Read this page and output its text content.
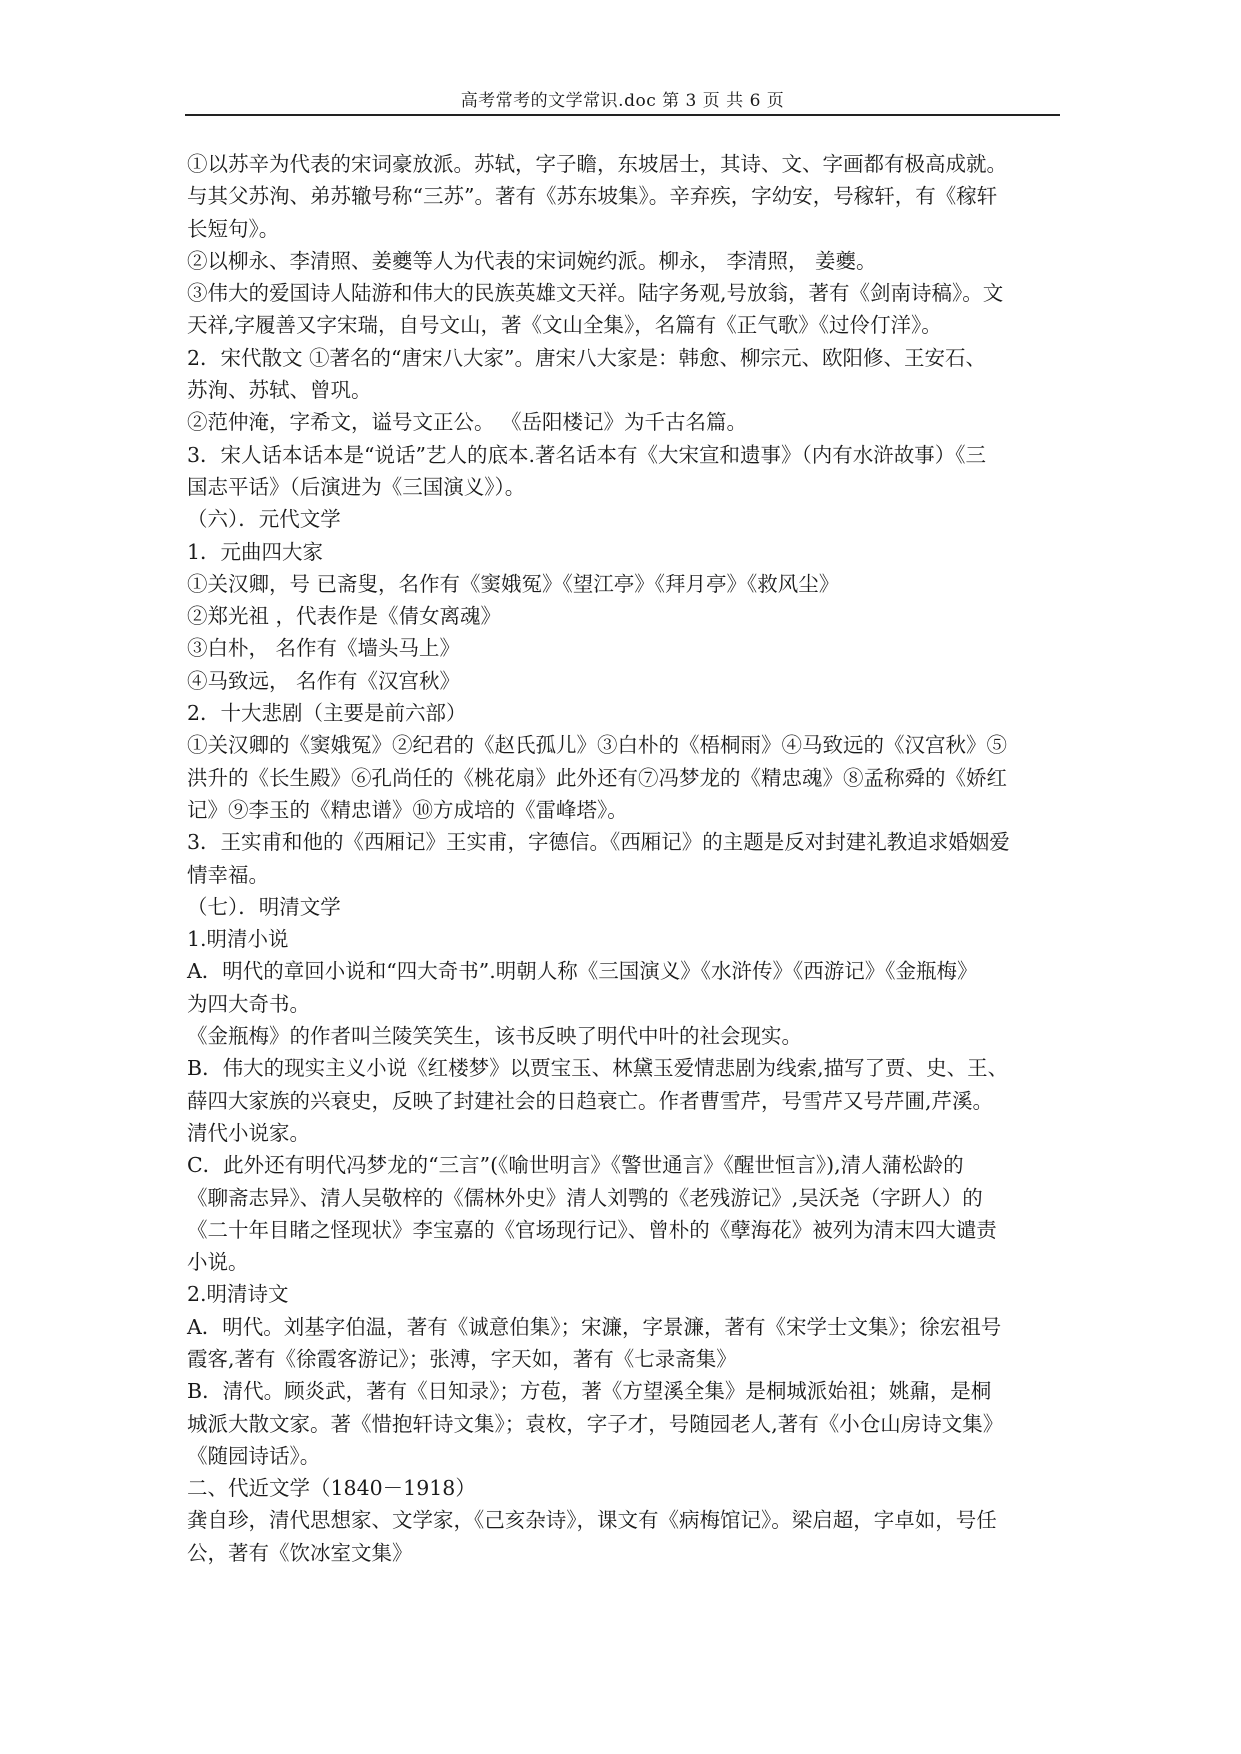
高考常考的文学常识.doc 第 3 页 共 6 页
①以苏辛为代表的宋词豪放派。苏轼，字子瞻，东坡居士，其诗、文、字画都有极高成就。
与其父苏洵、弟苏辙号称“三苏”。著有《苏东坡集》。辛弃疾，字幼安，号稼轩，有《稼轩
长短句》。
②以柳永、李清照、姜夔等人为代表的宋词婉约派。柳永， 李清照， 姜夔。
③伟大的爱国诗人陆游和伟大的民族英雄文天祥。陆字务观,号放翁，著有《剑南诗稿》。文
天祥,字履善又字宋瑞，自号文山，著《文山全集》，名篇有《正气歌》《过伶仃洋》。
2．宋代散文 ①著名的“唐宋八大家”。唐宋八大家是：韩愈、柳宗元、欧阳修、王安石、
苏洵、苏轼、曾巩。
②范仲淹，字希文，谥号文正公。 《岳阳楼记》为千古名篇。
3．宋人话本话本是“说话”艺人的底本.著名话本有《大宋宣和遗事》（内有水浒故事）《三
国志平话》（后演进为《三国演义》）。
（六）．元代文学
1．元曲四大家
①关汉卿，号 已斋叟，名作有《窦娥冤》《望江亭》《拜月亭》《救风尘》
②郑光祖 ，代表作是《倩女离魂》
③白朴， 名作有《墙头马上》
④马致远， 名作有《汉宫秋》
2．十大悲剧（主要是前六部）
①关汉卿的《窦娥冤》②纪君的《赵氏孤儿》③白朴的《梧桐雨》④马致远的《汉宫秋》⑤
洪升的《长生殿》⑥孔尚任的《桃花扇》此外还有⑦冯梦龙的《精忠魂》⑧孟称舜的《娇红
记》⑨李玉的《精忠谱》⑩方成培的《雷峰塔》。
3．王实甫和他的《西厢记》王实甫，字德信。《西厢记》的主题是反对封建礼教追求婚姻爱
情幸福。
（七）．明清文学
1.明清小说
A．明代的章回小说和“四大奇书”.明朝人称《三国演义》《水浒传》《西游记》《金瓶梅》
为四大奇书。
《金瓶梅》的作者叫兰陵笑笑生，该书反映了明代中叶的社会现实。
B．伟大的现实主义小说《红楼梦》以贾宝玉、林黛玉爱情悲剧为线索,描写了贾、史、王、
薛四大家族的兴衰史，反映了封建社会的日趋衰亡。作者曹雪芹，号雪芹又号芹圃,芹溪。
清代小说家。
C．此外还有明代冯梦龙的“三言”(《喻世明言》《警世通言》《醒世恒言》),清人蒲松龄的
《聊斋志异》、清人吴敬梓的《儒林外史》清人刘鹗的《老残游记》,吴沃尧（字趼人）的
《二十年目睹之怪现状》李宝嘉的《官场现行记》、曾朴的《孽海花》被列为清末四大谴责
小说。
2.明清诗文
A．明代。刘基字伯温，著有《诚意伯集》；宋濂，字景濂，著有《宋学士文集》；徐宏祖号
霞客,著有《徐霞客游记》；张溥，字天如，著有《七录斋集》
B．清代。顾炎武，著有《日知录》；方苞，著《方望溪全集》是桐城派始祖；姚鼐，是桐
城派大散文家。著《惜抱轩诗文集》；袁枚，字子才，号随园老人,著有《小仓山房诗文集》
《随园诗话》。
二、代近文学（1840－1918）
龚自珍，清代思想家、文学家，《己亥杂诗》，课文有《病梅馆记》。梁启超，字卓如，号任
公，著有《饮冰室文集》
